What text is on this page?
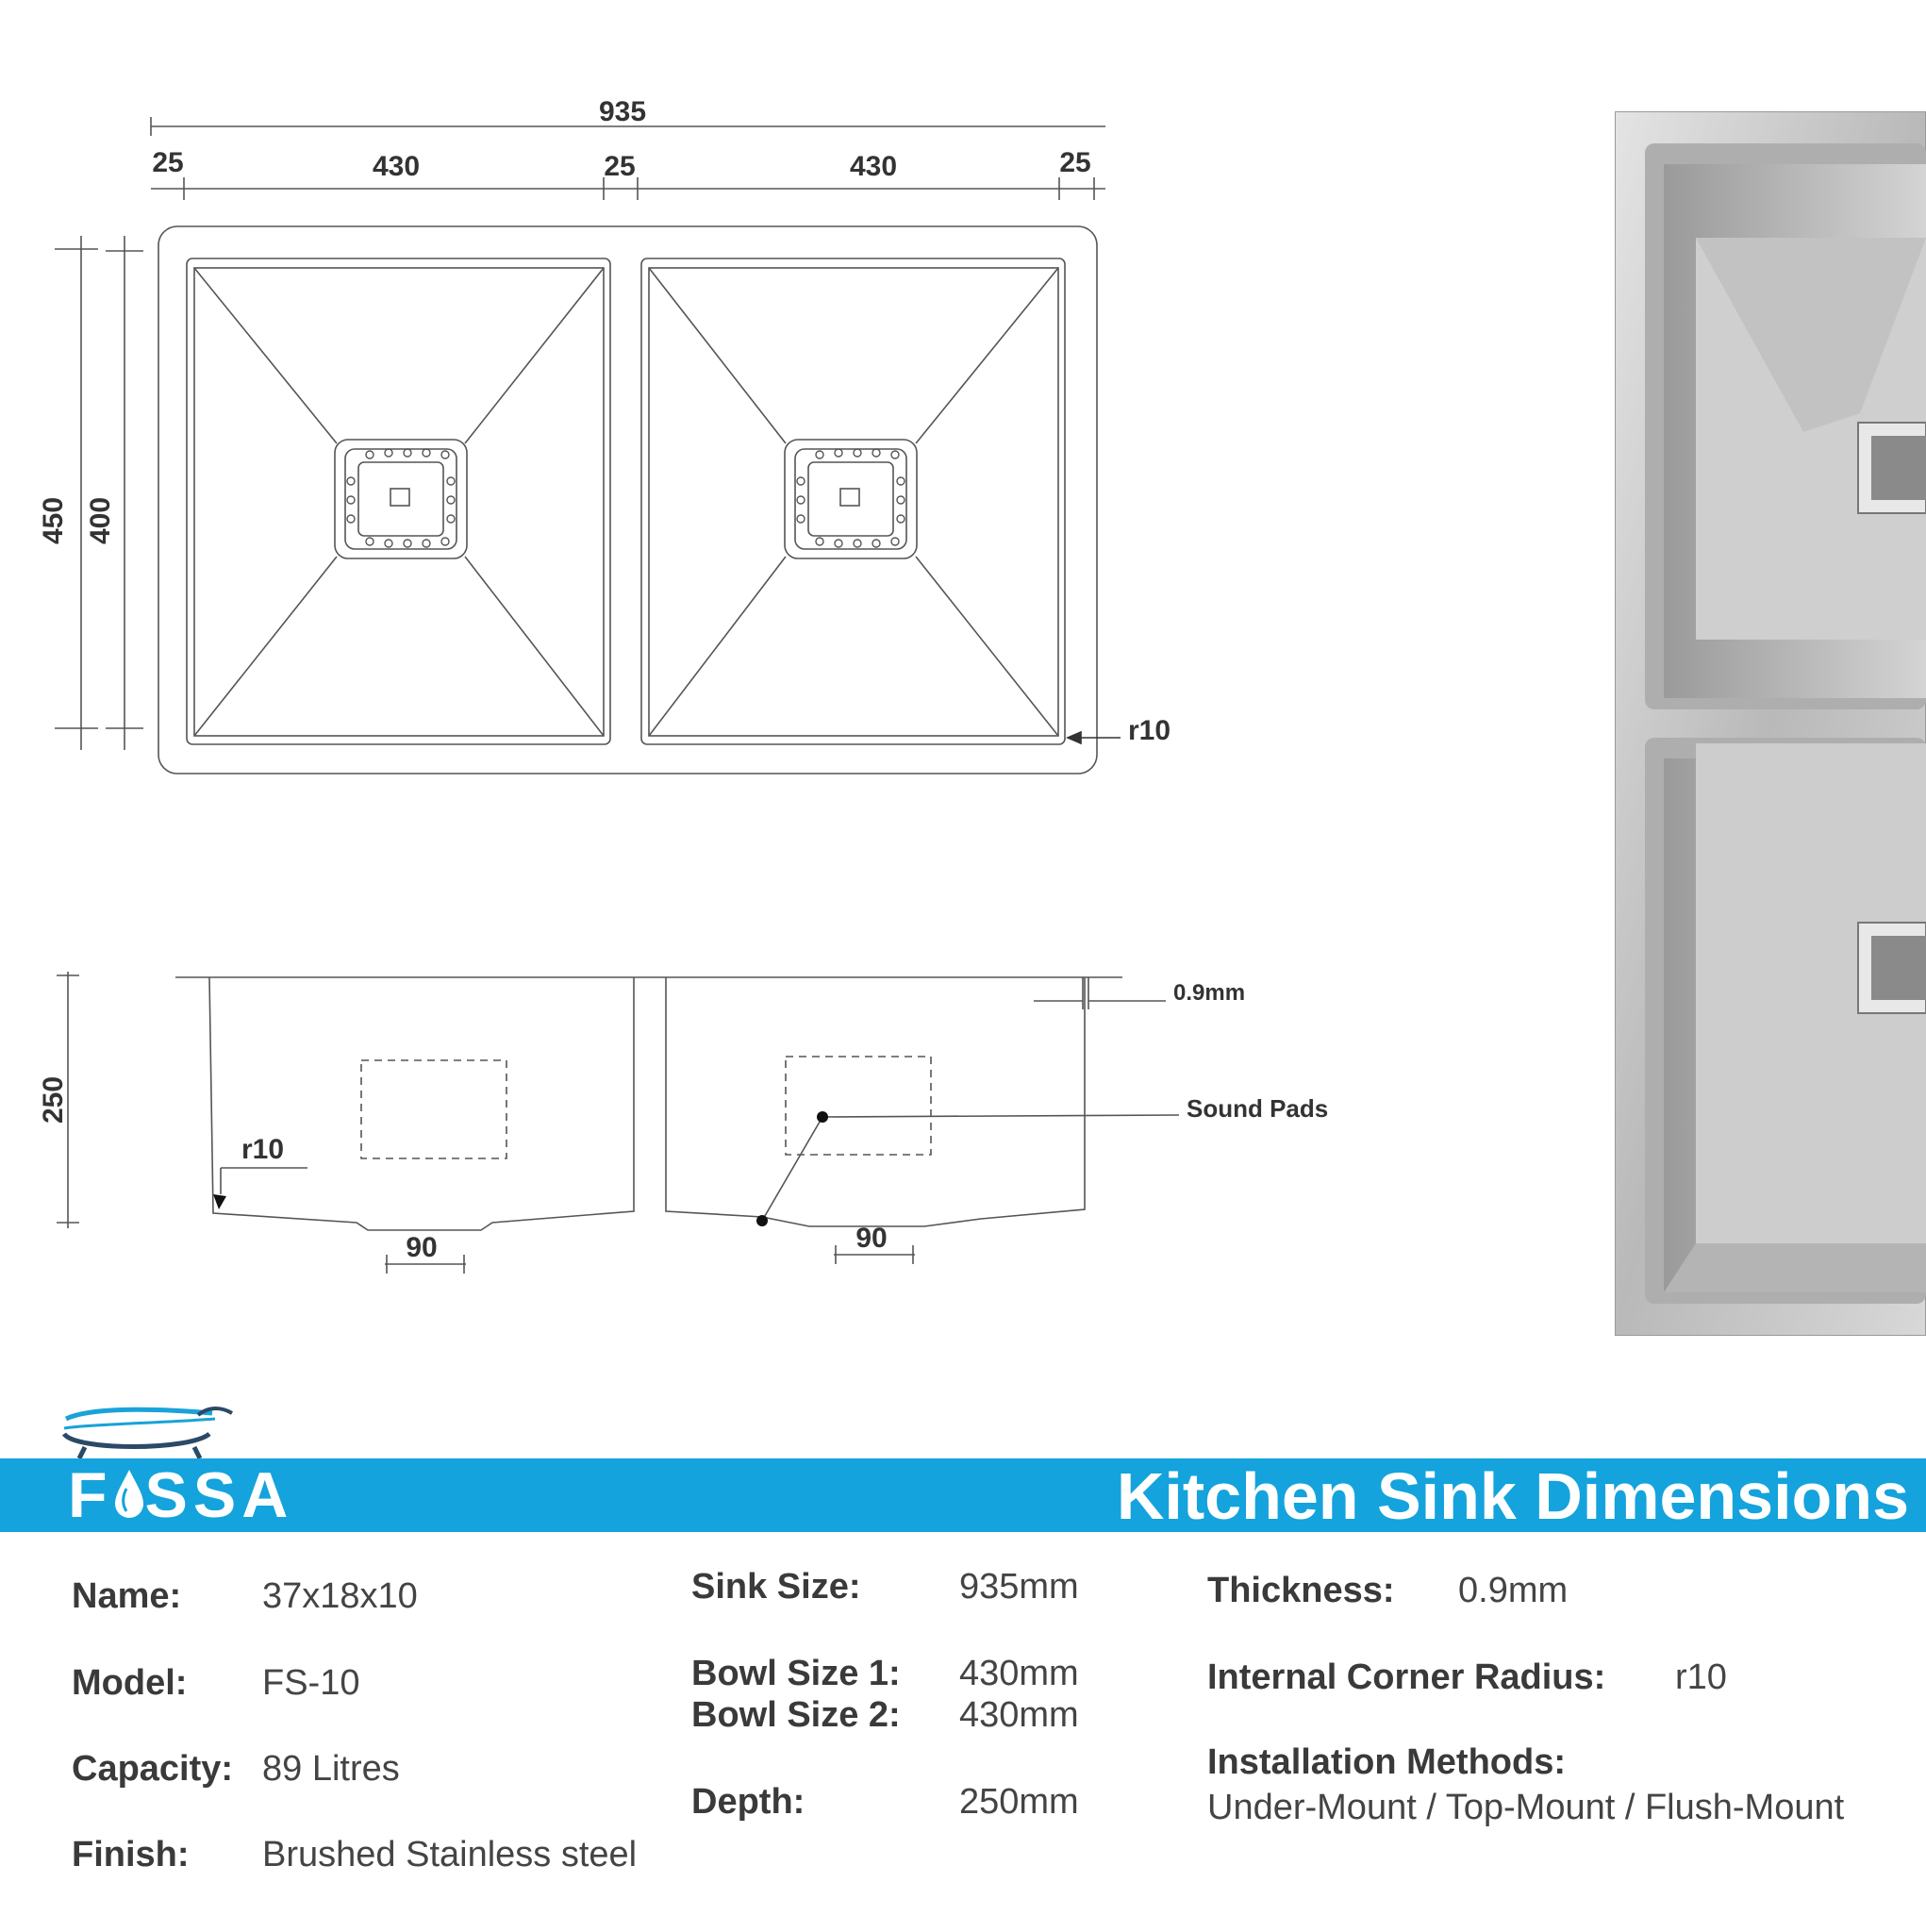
935
25	430	25	430	25
450 400
r10
250
0.9mm
Sound Pads
r10
90	90
F SSA	Kitchen Sink Dimensions
Name: 37x18x10
Model: FS-10
Capacity: 89 Litres
Finish: Brushed Stainless steel
Sink Size:	935mm
Bowl Size 1: 430mm
Bowl Size 2: 430mm
Depth:	250mm
Thickness: 0.9mm
Internal Corner Radius: r10
Installation Methods:
Under-Mount / Top-Mount / Flush-Mount
